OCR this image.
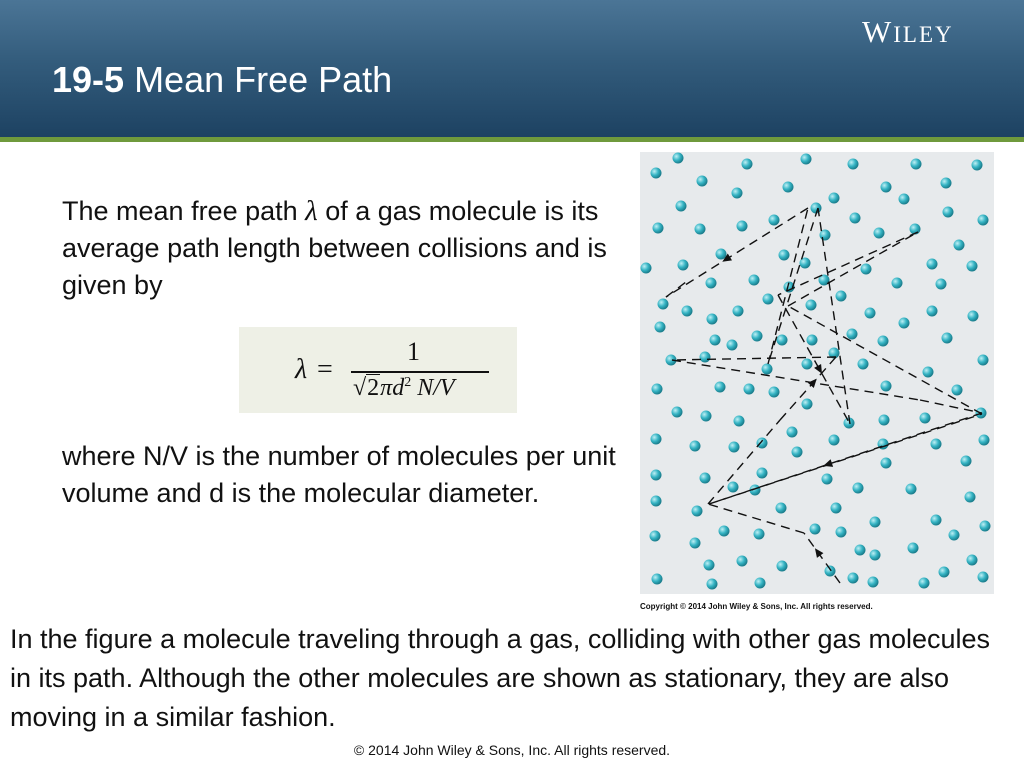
19-5 Mean Free Path
WILEY

The mean free path λ of a gas molecule is its average path length between collisions and is given by

λ =
1
$√2\pi d^2$ N/V

where N/V is the number of molecules per unit volume and d is the molecular diameter.

Copyright © 2014 John Wiley & Sons, Inc. All rights reserved.

In the figure a molecule traveling through a gas, colliding with other gas molecules in its path. Although the other molecules are shown as stationary, they are also moving in a similar fashion.

© 2014 John Wiley & Sons, Inc. All rights reserved.
